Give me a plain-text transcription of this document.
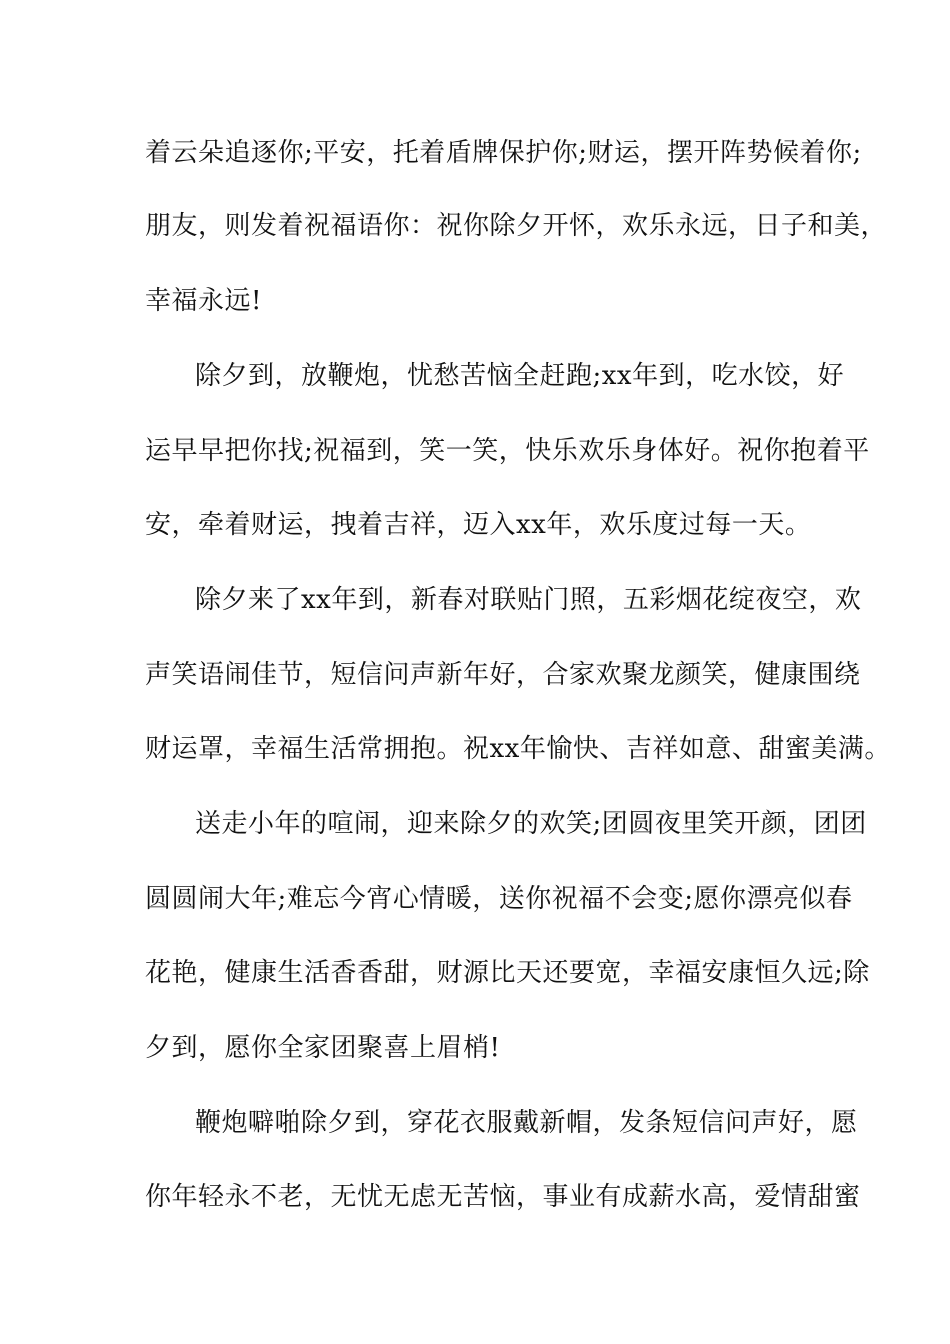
着云朵追逐你;平安，托着盾牌保护你;财运，摆开阵势候着你;
朋友，则发着祝福语你：祝你除夕开怀，欢乐永远，日子和美，
幸福永远!
除夕到，放鞭炮，忧愁苦恼全赶跑;xx年到，吃水饺，好
运早早把你找;祝福到，笑一笑，快乐欢乐身体好。祝你抱着平
安，牵着财运，拽着吉祥，迈入xx年，欢乐度过每一天。
除夕来了xx年到，新春对联贴门照，五彩烟花绽夜空，欢
声笑语闹佳节，短信问声新年好，合家欢聚龙颜笑，健康围绕
财运罩，幸福生活常拥抱。祝xx年愉快、吉祥如意、甜蜜美满。
送走小年的喧闹，迎来除夕的欢笑;团圆夜里笑开颜，团团
圆圆闹大年;难忘今宵心情暖，送你祝福不会变;愿你漂亮似春
花艳，健康生活香香甜，财源比天还要宽，幸福安康恒久远;除
夕到，愿你全家团聚喜上眉梢!
鞭炮噼啪除夕到，穿花衣服戴新帽，发条短信问声好，愿
你年轻永不老，无忧无虑无苦恼，事业有成薪水高，爱情甜蜜
